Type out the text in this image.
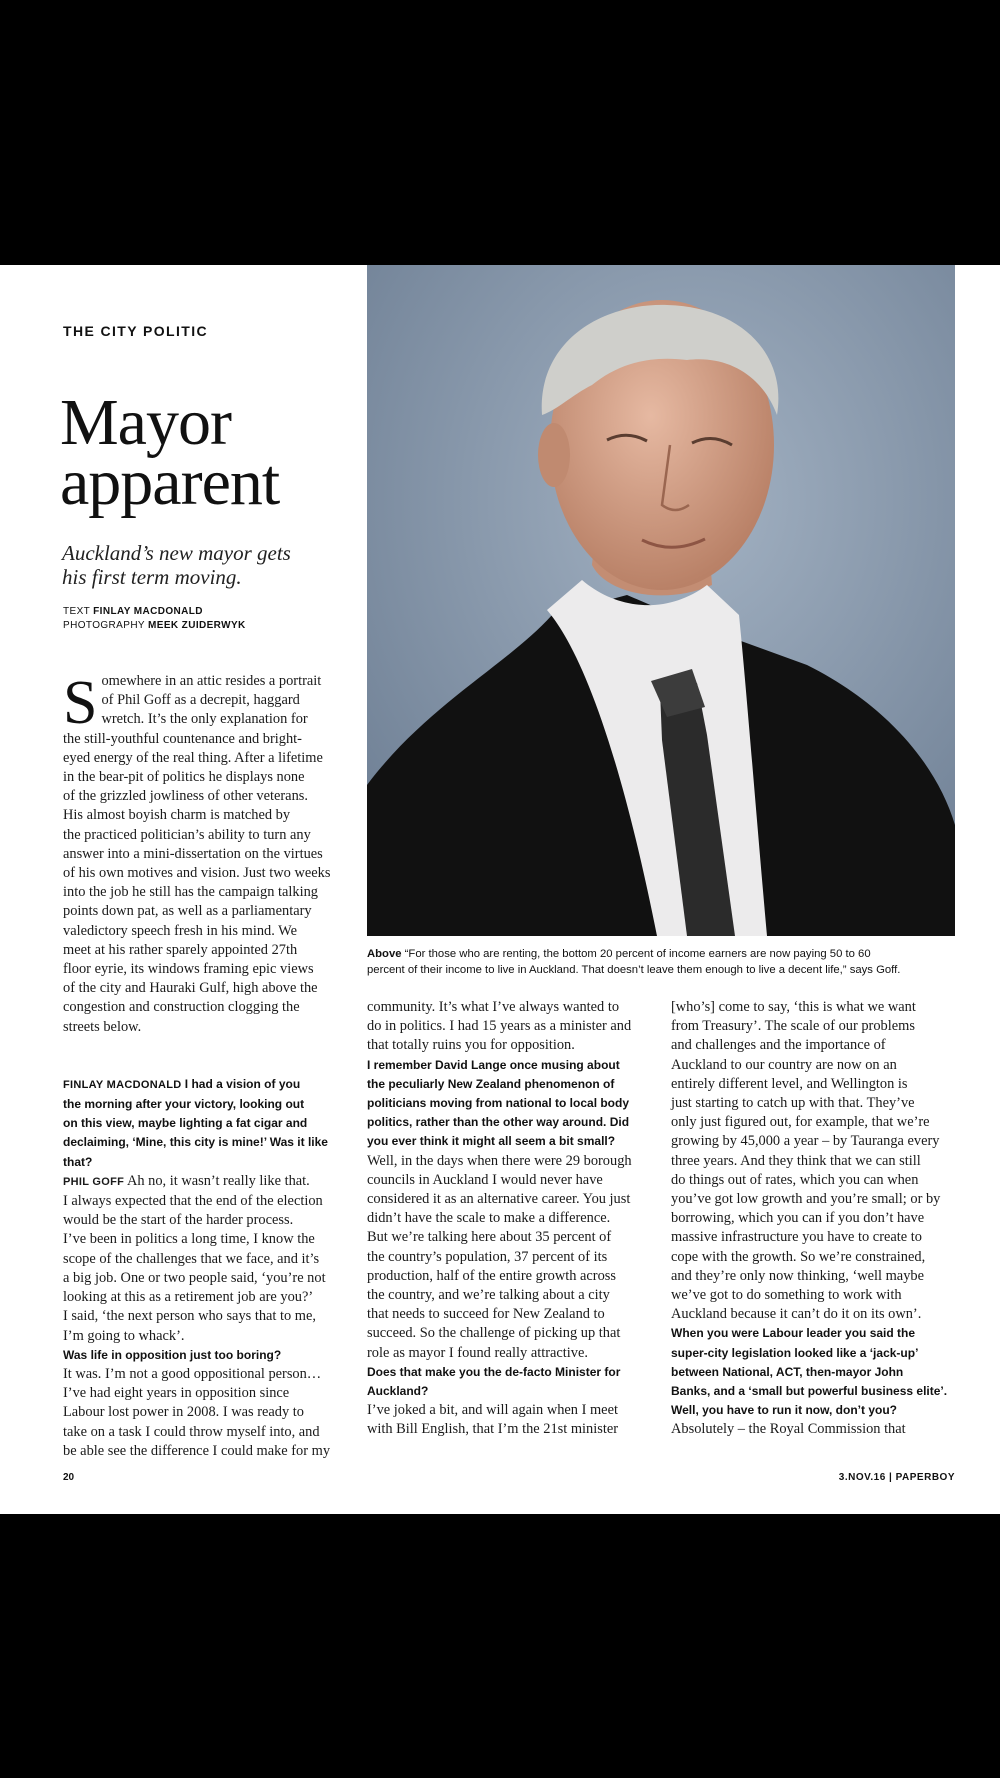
THE CITY POLITIC
Mayor
apparent
Auckland’s new mayor gets
his first term moving.
TEXT FINLAY MACDONALD
PHOTOGRAPHY MEEK ZUIDERWYK
Above “For those who are renting, the bottom 20 percent of income earners are now paying 50 to 60
percent of their income to live in Auckland. That doesn’t leave them enough to live a decent life,” says Goff.
S omewhere in an attic resides a portrait
of Phil Goff as a decrepit, haggard
wretch. It’s the only explanation for
the still-youthful countenance and bright-
eyed energy of the real thing. After a lifetime
in the bear-pit of politics he displays none
of the grizzled jowliness of other veterans.
His almost boyish charm is matched by
the practiced politician’s ability to turn any
answer into a mini-dissertation on the virtues
of his own motives and vision. Just two weeks
into the job he still has the campaign talking
points down pat, as well as a parliamentary
valedictory speech fresh in his mind. We
meet at his rather sparely appointed 27th
floor eyrie, its windows framing epic views
of the city and Hauraki Gulf, high above the
congestion and construction clogging the
streets below.

FINLAY MACDONALD I had a vision of you
the morning after your victory, looking out
on this view, maybe lighting a fat cigar and
declaiming, ‘Mine, this city is mine!’ Was it like
that?

PHIL GOFF Ah no, it wasn’t really like that.
I always expected that the end of the election
would be the start of the harder process.
I’ve been in politics a long time, I know the
scope of the challenges that we face, and it’s
a big job. One or two people said, ‘you’re not
looking at this as a retirement job are you?’
I said, ‘the next person who says that to me,
I’m going to whack’.

Was life in opposition just too boring?

It was. I’m not a good oppositional person…
I’ve had eight years in opposition since
Labour lost power in 2008. I was ready to
take on a task I could throw myself into, and
be able see the difference I could make for my

community. It’s what I’ve always wanted to
do in politics. I had 15 years as a minister and
that totally ruins you for opposition.

I remember David Lange once musing about
the peculiarly New Zealand phenomenon of
politicians moving from national to local body
politics, rather than the other way around. Did
you ever think it might all seem a bit small?

Well, in the days when there were 29 borough
councils in Auckland I would never have
considered it as an alternative career. You just
didn’t have the scale to make a difference.
But we’re talking here about 35 percent of
the country’s population, 37 percent of its
production, half of the entire growth across
the country, and we’re talking about a city
that needs to succeed for New Zealand to
succeed. So the challenge of picking up that
role as mayor I found really attractive.

Does that make you the de-facto Minister for
Auckland?

I’ve joked a bit, and will again when I meet
with Bill English, that I’m the 21st minister

[who’s] come to say, ‘this is what we want
from Treasury’. The scale of our problems
and challenges and the importance of
Auckland to our country are now on an
entirely different level, and Wellington is
just starting to catch up with that. They’ve
only just figured out, for example, that we’re
growing by 45,000 a year – by Tauranga every
three years. And they think that we can still
do things out of rates, which you can when
you’ve got low growth and you’re small; or by
borrowing, which you can if you don’t have
massive infrastructure you have to create to
cope with the growth. So we’re constrained,
and they’re only now thinking, ‘well maybe
we’ve got to do something to work with
Auckland because it can’t do it on its own’.

When you were Labour leader you said the
super-city legislation looked like a ‘jack-up’
between National, ACT, then-mayor John
Banks, and a ‘small but powerful business elite’.
Well, you have to run it now, don’t you?

Absolutely – the Royal Commission that

20	3.NOV.16 | PAPERBOY
